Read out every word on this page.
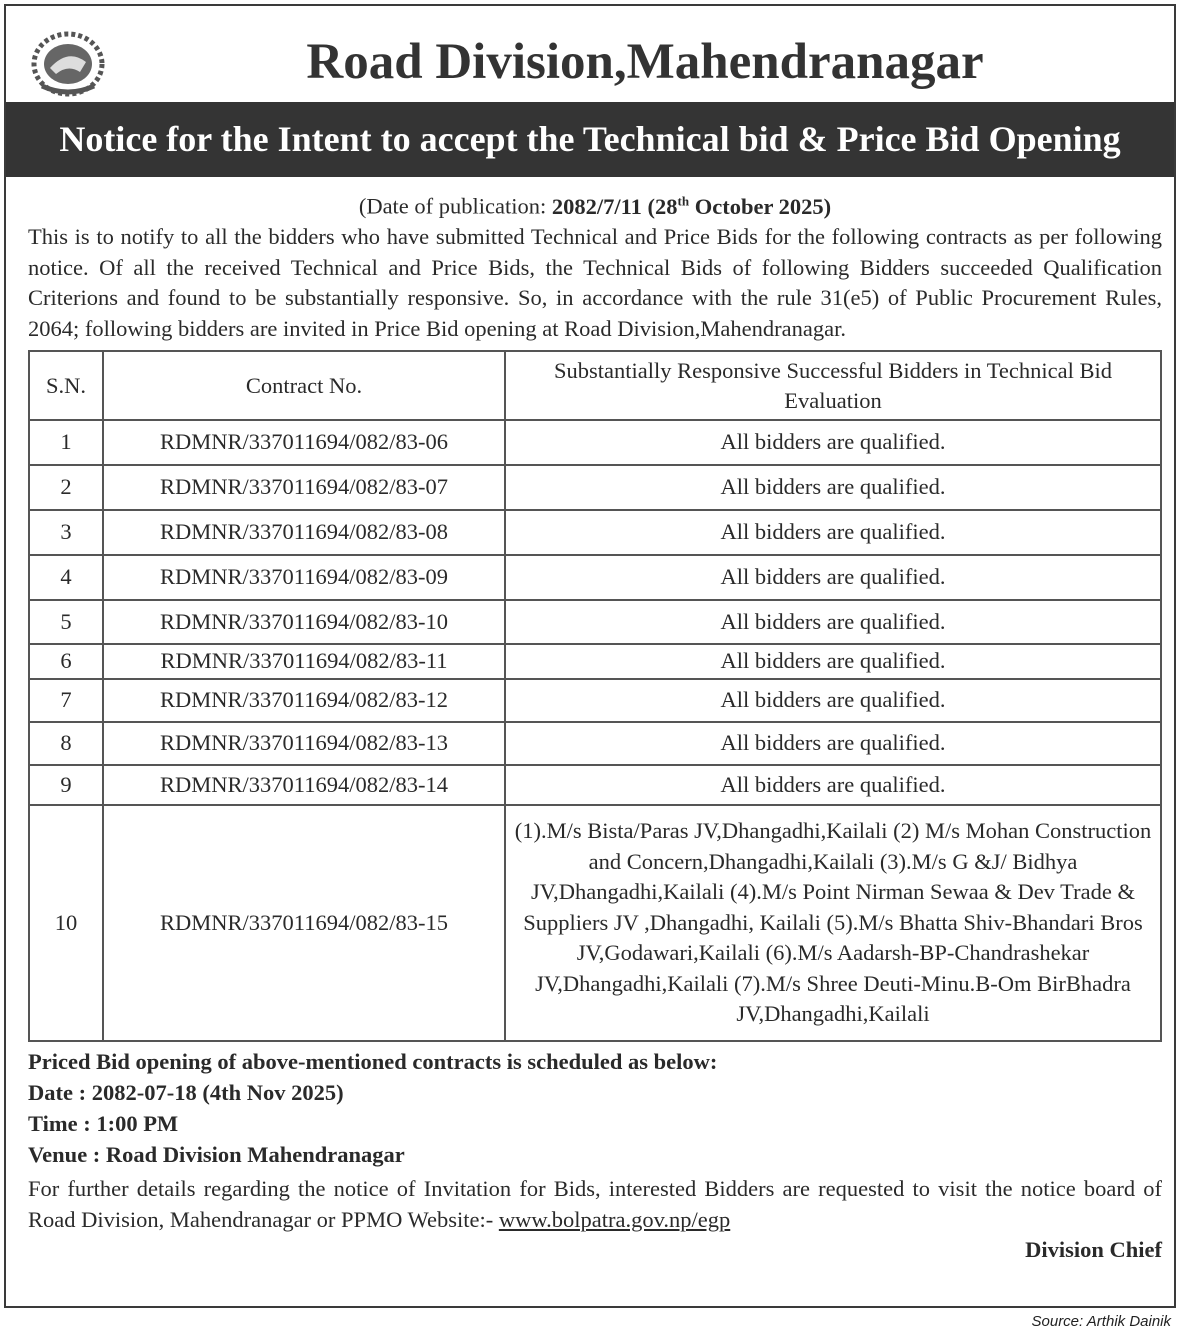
Road Division,Mahendranagar
Notice for the Intent to accept the Technical bid & Price Bid Opening
(Date of publication: 2082/7/11 (28th October 2025)

This is to notify to all the bidders who have submitted Technical and Price Bids for the following contracts as per following notice. Of all the received Technical and Price Bids, the Technical Bids of following Bidders succeeded Qualification Criterions and found to be substantially responsive. So, in accordance with the rule 31(e5) of Public Procurement Rules, 2064; following bidders are invited in Price Bid opening at Road Division,Mahendranagar.

S.N.	Contract No.	Substantially Responsive Successful Bidders in Technical Bid Evaluation
1	RDMNR/337011694/082/83-06	All bidders are qualified.
2	RDMNR/337011694/082/83-07	All bidders are qualified.
3	RDMNR/337011694/082/83-08	All bidders are qualified.
4	RDMNR/337011694/082/83-09	All bidders are qualified.
5	RDMNR/337011694/082/83-10	All bidders are qualified.
6	RDMNR/337011694/082/83-11	All bidders are qualified.
7	RDMNR/337011694/082/83-12	All bidders are qualified.
8	RDMNR/337011694/082/83-13	All bidders are qualified.
9	RDMNR/337011694/082/83-14	All bidders are qualified.
10	RDMNR/337011694/082/83-15	(1).M/s Bista/Paras JV,Dhangadhi,Kailali (2) M/s Mohan Construction and Concern,Dhangadhi,Kailali (3).M/s G &J/ Bidhya JV,Dhangadhi,Kailali (4).M/s Point Nirman Sewaa & Dev Trade & Suppliers JV ,Dhangadhi, Kailali (5).M/s Bhatta Shiv-Bhandari Bros JV,Godawari,Kailali (6).M/s Aadarsh-BP-Chandrashekar JV,Dhangadhi,Kailali (7).M/s Shree Deuti-Minu.B-Om BirBhadra JV,Dhangadhi,Kailali
Priced Bid opening of above-mentioned contracts is scheduled as below:
Date : 2082-07-18 (4th Nov 2025)
Time : 1:00 PM
Venue : Road Division Mahendranagar
For further details regarding the notice of Invitation for Bids, interested Bidders are requested to visit the notice board of Road Division, Mahendranagar or PPMO Website:- www.bolpatra.gov.np/egp
Division Chief
Source: Arthik Dainik
